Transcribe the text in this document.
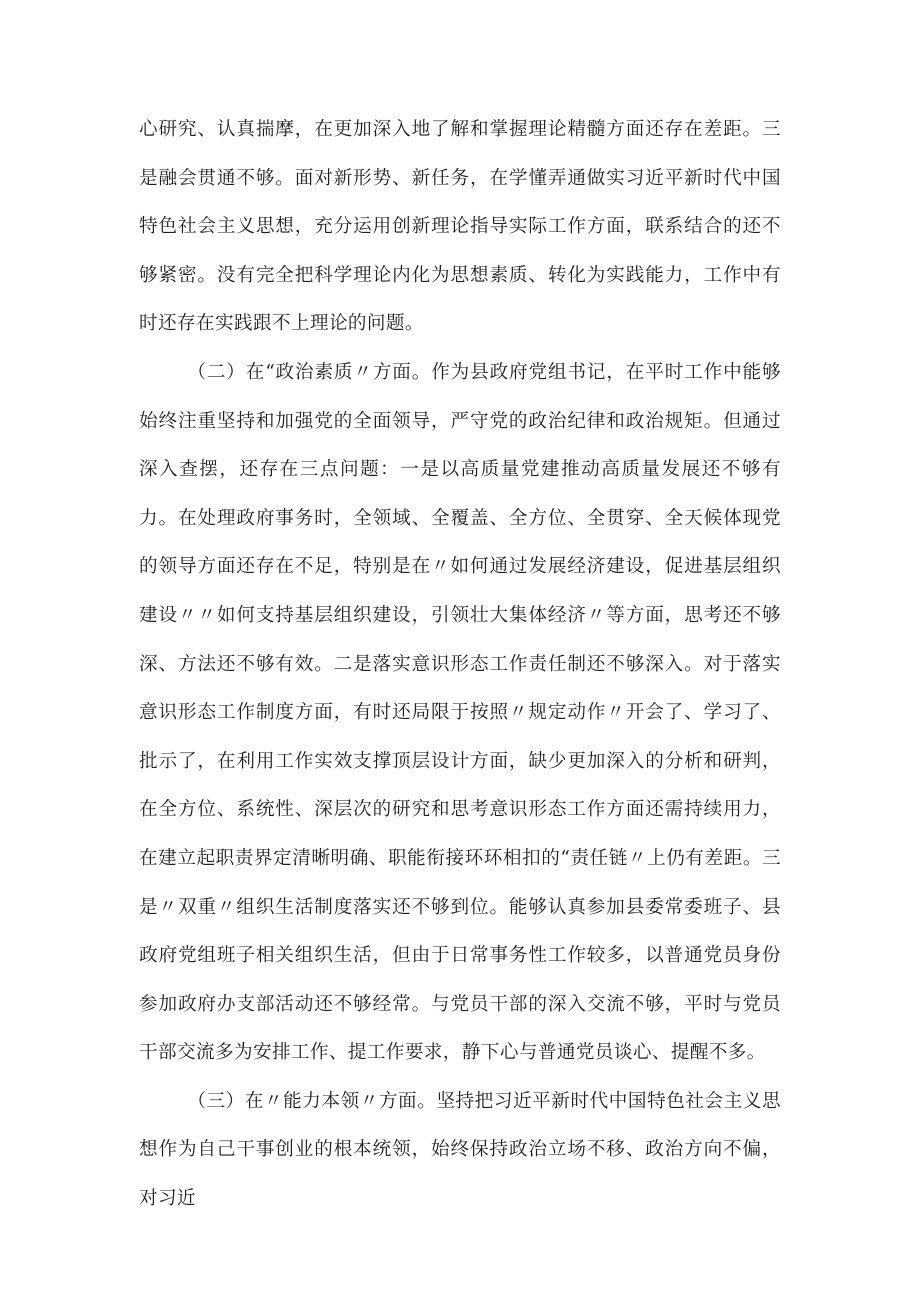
心研究、认真揣摩，在更加深入地了解和掌握理论精髓方面还存在差距。三是融会贯通不够。面对新形势、新任务，在学懂弄通做实习近平新时代中国特色社会主义思想，充分运用创新理论指导实际工作方面，联系结合的还不够紧密。没有完全把科学理论内化为思想素质、转化为实践能力，工作中有时还存在实践跟不上理论的问题。

（二）在“政治素质〃方面。作为县政府党组书记，在平时工作中能够始终注重坚持和加强党的全面领导，严守党的政治纪律和政治规矩。但通过深入查摆，还存在三点问题：一是以高质量党建推动高质量发展还不够有力。在处理政府事务时，全领域、全覆盖、全方位、全贯穿、全天候体现党的领导方面还存在不足，特别是在〃如何通过发展经济建设，促进基层组织建设〃〃如何支持基层组织建设，引领壮大集体经济〃等方面，思考还不够深、方法还不够有效。二是落实意识形态工作责任制还不够深入。对于落实意识形态工作制度方面，有时还局限于按照〃规定动作〃开会了、学习了、批示了，在利用工作实效支撑顶层设计方面，缺少更加深入的分析和研判，在全方位、系统性、深层次的研究和思考意识形态工作方面还需持续用力，在建立起职责界定清晰明确、职能衔接环环相扣的“责任链〃上仍有差距。三是〃双重〃组织生活制度落实还不够到位。能够认真参加县委常委班子、县政府党组班子相关组织生活，但由于日常事务性工作较多，以普通党员身份参加政府办支部活动还不够经常。与党员干部的深入交流不够，平时与党员干部交流多为安排工作、提工作要求，静下心与普通党员谈心、提醒不多。

（三）在〃能力本领〃方面。坚持把习近平新时代中国特色社会主义思想作为自己干事创业的根本统领，始终保持政治立场不移、政治方向不偏，对习近
